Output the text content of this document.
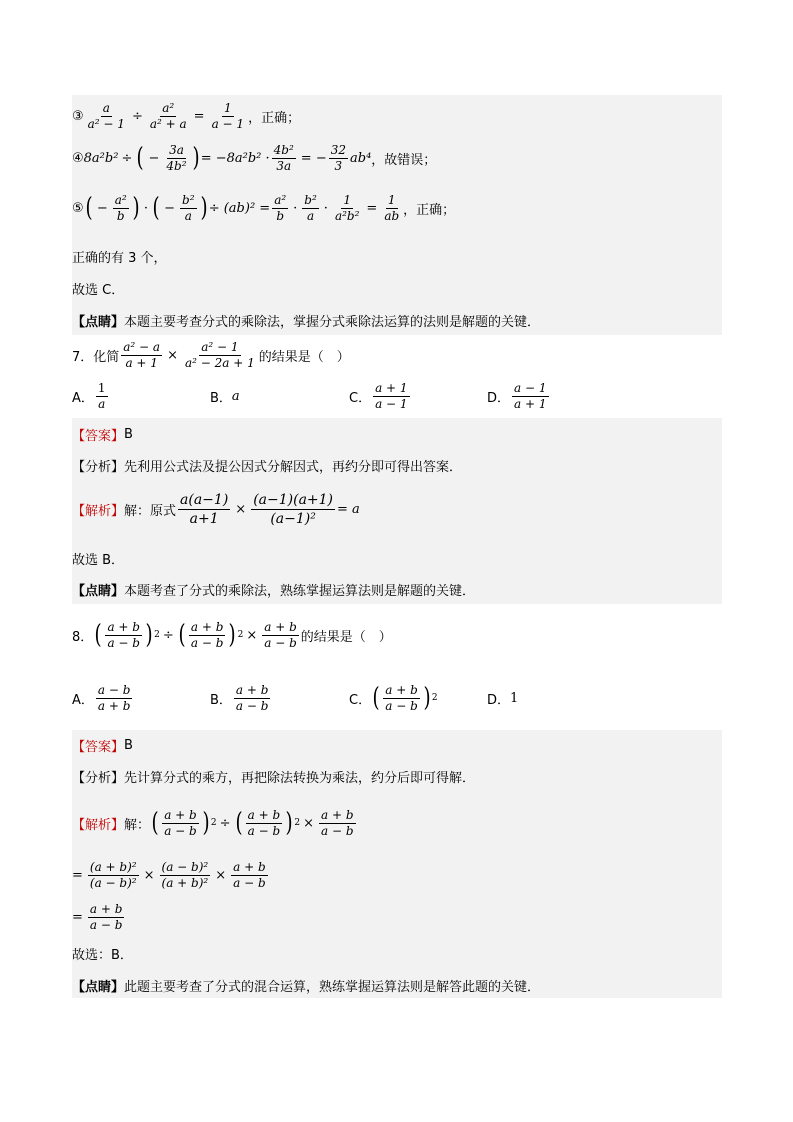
③ $\frac{a}{\text{a² − 1}} \div \frac{\text{a²}}{\text{a² + a}} = \frac{1}{a - 1}$ ，正确；
④ 8a²b² ÷ ( − $\frac{3a}{\text{4b²}}$ ) = $-8a^2b^2 \cdot \frac{\text{4b²}}{3a}$ = − $\frac{32}{3} ab^4$ ，故错误；
⑤ ( − $\frac{\text{a²}}{b}$ ) · ( − $\frac{\text{b²}}{a}$ ) ÷ $(ab)^2 = \frac{\text{a²}}{b} \cdot \frac{\text{b²}}{a} \cdot \frac{1}{\text{a²b²}} = \frac{1}{ab}$ ，正确；
正确的有 3 个，
故选 C．
【点睛】 本题主要考查分式的乘除法，掌握分式乘除法运算的法则是解题的关键．
7．化简 $\frac{\text{a² − a}}{a + 1} \times \frac{\text{a² − 1}}{\text{a² − 2a + 1}}$ 的结果是（　）
A． $\frac{1}{a}$	B． a	C． $\frac{a + 1}{a - 1}$	D． $\frac{a - 1}{a + 1}$
【答案】 B
【分析】 先利用公式法及提公因式分解因式，再约分即可得出答案．
【解析】 解：原式 $\frac{a(a-1)}{a+1} \times \frac{(a-1)(a+1)}{\text{(a−1)²}} = a$
故选 B．
【点睛】 本题考查了分式的乘除法，熟练掌握运算法则是解题的关键．
8． ( $\frac{a + b}{a - b}$ ) 2 ÷ ( $\frac{a + b}{a - b}$ ) $2 \times \frac{a + b}{a - b}$ 的结果是（　）
A． $\frac{a - b}{a + b}$	B． $\frac{a + b}{a - b}$	C． ( $\frac{a + b}{a - b}$ ) 2	D． 1
【答案】 B
【分析】 先计算分式的乘方，再把除法转换为乘法，约分后即可得解．
【解析】 解： ( $\frac{a + b}{a - b}$ ) 2 ÷ ( $\frac{a + b}{a - b}$ ) $2 \times \frac{a + b}{a - b}$
= $\frac{\text{(a + b)²}}{\text{(a − b)²}} \times \frac{\text{(a − b)²}}{\text{(a + b)²}} \times \frac{a + b}{a - b}$
= $\frac{a + b}{a - b}$
故选：B．
【点睛】 此题主要考查了分式的混合运算，熟练掌握运算法则是解答此题的关键．
